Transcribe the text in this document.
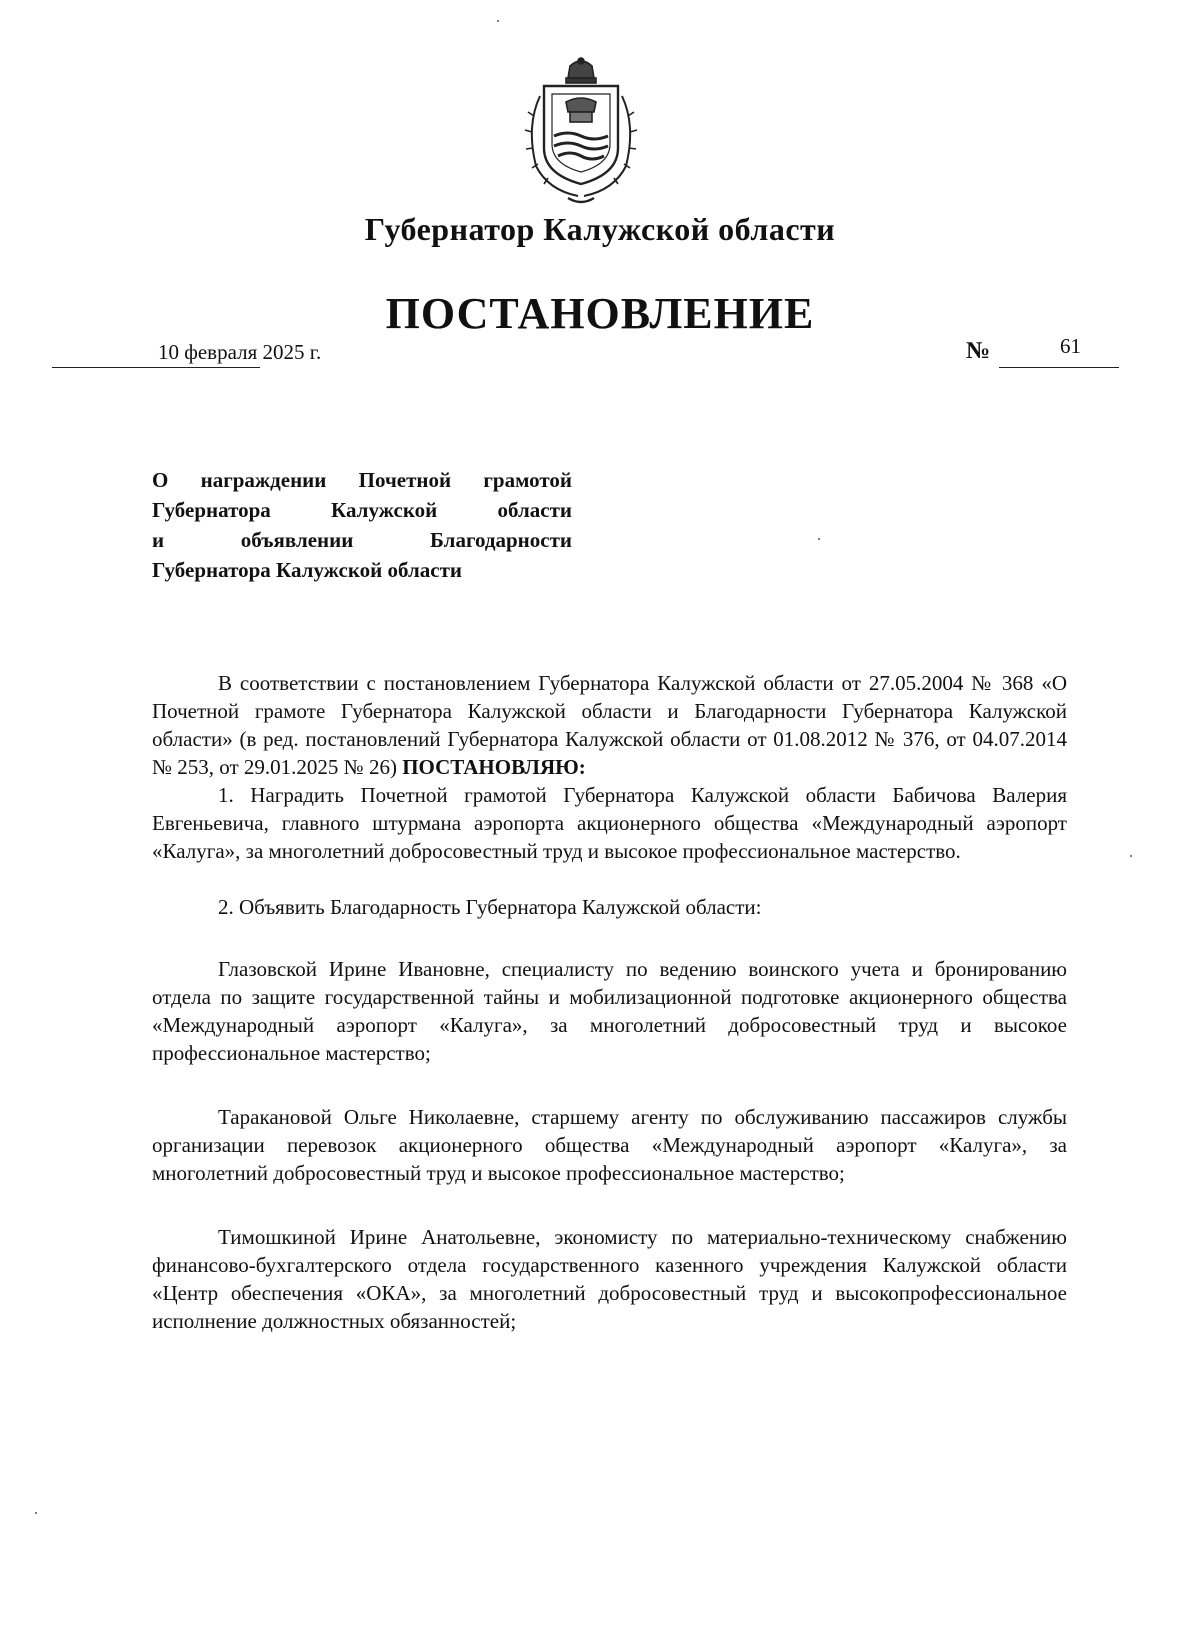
Губернатор Калужской области
ПОСТАНОВЛЕНИЕ
10 февраля 2025 г.	№	61
О награждении Почетной грамотой
Губернатора Калужской области
и объявлении Благодарности
Губернатора Калужской области

В соответствии с постановлением Губернатора Калужской области от 27.05.2004 № 368 «О Почетной грамоте Губернатора Калужской области и Благодарности Губернатора Калужской области» (в ред. постановлений Губернатора Калужской области от 01.08.2012 № 376, от 04.07.2014 № 253, от 29.01.2025 № 26) ПОСТАНОВЛЯЮ:

1. Наградить Почетной грамотой Губернатора Калужской области Бабичова Валерия Евгеньевича, главного штурмана аэропорта акционерного общества «Международный аэропорт «Калуга», за многолетний добросовестный труд и высокое профессиональное мастерство.

2. Объявить Благодарность Губернатора Калужской области:

Глазовской Ирине Ивановне, специалисту по ведению воинского учета и бронированию отдела по защите государственной тайны и мобилизационной подготовке акционерного общества «Международный аэропорт «Калуга», за многолетний добросовестный труд и высокое профессиональное мастерство;

Таракановой Ольге Николаевне, старшему агенту по обслуживанию пассажиров службы организации перевозок акционерного общества «Международный аэропорт «Калуга», за многолетний добросовестный труд и высокое профессиональное мастерство;

Тимошкиной Ирине Анатольевне, экономисту по материально-техническому снабжению финансово-бухгалтерского отдела государственного казенного учреждения Калужской области «Центр обеспечения «ОКА», за многолетний добросовестный труд и высокопрофессиональное исполнение должностных обязанностей;
